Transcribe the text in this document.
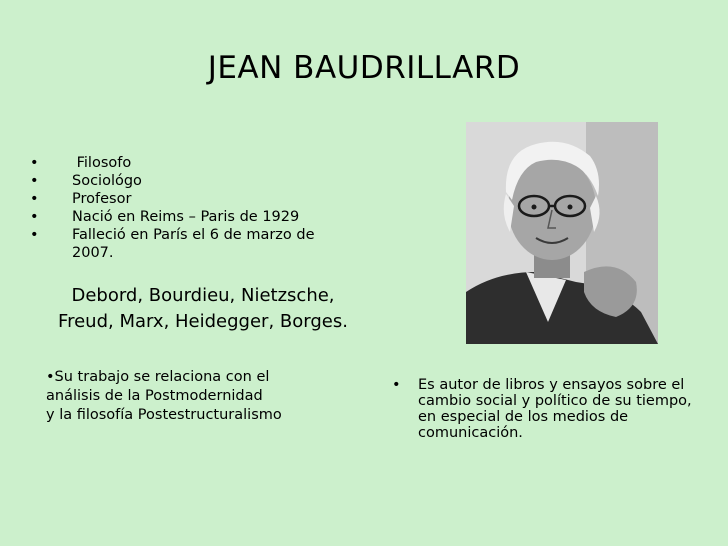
JEAN BAUDRILLARD
• Filosofo
• Sociológo
• Profesor
• Nació en Reims – Paris de 1929
• Falleció en París el 6 de marzo de 2007.
Debord, Bourdieu, Nietzsche, Freud, Marx, Heidegger, Borges.
•Su trabajo se relaciona con el
análisis de la Postmodernidad
y la filosofía Postestructuralismo
•	Es autor de libros y ensayos sobre el cambio social y político de su tiempo, en especial de los medios de comunicación.
